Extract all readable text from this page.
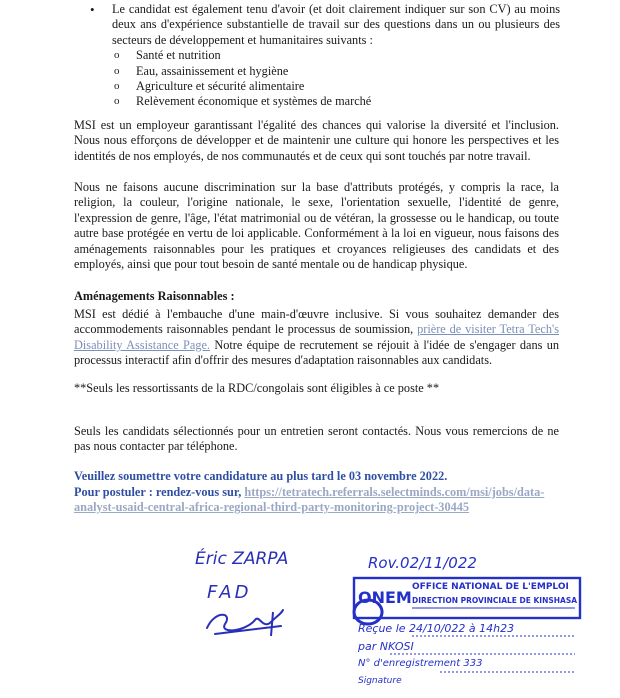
• Le candidat est également tenu d'avoir (et doit clairement indiquer sur son CV) au moins deux ans d'expérience substantielle de travail sur des questions dans un ou plusieurs des secteurs de développement et humanitaires suivants :
o Santé et nutrition
o Eau, assainissement et hygiène
o Agriculture et sécurité alimentaire
o Relèvement économique et systèmes de marché

MSI est un employeur garantissant l'égalité des chances qui valorise la diversité et l'inclusion. Nous nous efforçons de développer et de maintenir une culture qui honore les perspectives et les identités de nos employés, de nos communautés et de ceux qui sont touchés par notre travail.

Nous ne faisons aucune discrimination sur la base d'attributs protégés, y compris la race, la religion, la couleur, l'origine nationale, le sexe, l'orientation sexuelle, l'identité de genre, l'expression de genre, l'âge, l'état matrimonial ou de vétéran, la grossesse ou le handicap, ou toute autre base protégée en vertu de loi applicable. Conformément à la loi en vigueur, nous faisons des aménagements raisonnables pour les pratiques et croyances religieuses des candidats et des employés, ainsi que pour tout besoin de santé mentale ou de handicap physique.

Aménagements Raisonnables :

MSI est dédié à l'embauche d'une main-d'œuvre inclusive. Si vous souhaitez demander des accommodements raisonnables pendant le processus de soumission, prière de visiter Tetra Tech's Disability Assistance Page. Notre équipe de recrutement se réjouit à l'idée de s'engager dans un processus interactif afin d'offrir des mesures d'adaptation raisonnables aux candidats.

**Seuls les ressortissants de la RDC/congolais sont éligibles à ce poste **

Seuls les candidats sélectionnés pour un entretien seront contactés. Nous vous remercions de ne pas nous contacter par téléphone.

Veuillez soumettre votre candidature au plus tard le 03 novembre 2022.

Pour postuler : rendez-vous sur, https://tetratech.referrals.selectminds.com/msi/jobs/data-analyst-usaid-central-africa-regional-third-party-monitoring-project-30445

Éric ZARPA
FAD
Rov.02/11/022
ONEM
OFFICE NATIONAL DE L'EMPLOI
DIRECTION PROVINCIALE DE KINSHASA
Reçue le 24/10/022 à 14h23
par NKOSI
N° d'enregistrement 333
Signature
